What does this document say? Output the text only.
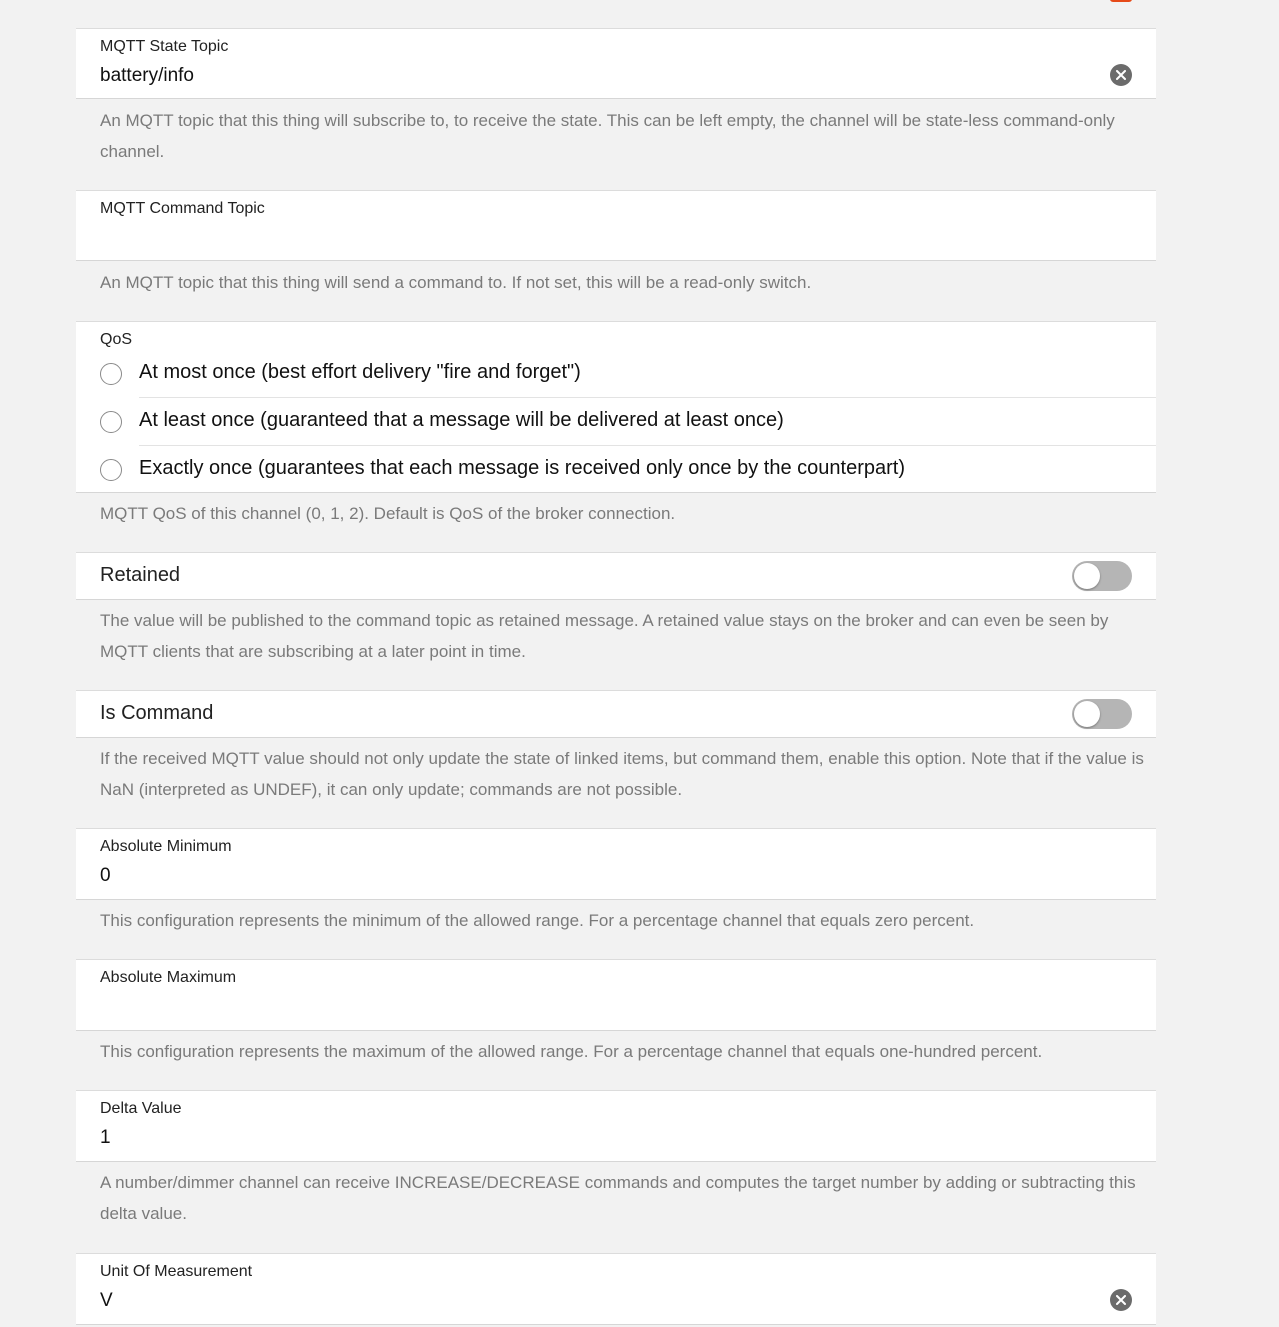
MQTT State Topic
battery/info
An MQTT topic that this thing will subscribe to, to receive the state. This can be left empty, the channel will be state-less command-only channel.
MQTT Command Topic
An MQTT topic that this thing will send a command to. If not set, this will be a read-only switch.
QoS
At most once (best effort delivery "fire and forget")
At least once (guaranteed that a message will be delivered at least once)
Exactly once (guarantees that each message is received only once by the counterpart)
MQTT QoS of this channel (0, 1, 2). Default is QoS of the broker connection.
Retained
The value will be published to the command topic as retained message. A retained value stays on the broker and can even be seen by MQTT clients that are subscribing at a later point in time.
Is Command
If the received MQTT value should not only update the state of linked items, but command them, enable this option. Note that if the value is NaN (interpreted as UNDEF), it can only update; commands are not possible.
Absolute Minimum
0
This configuration represents the minimum of the allowed range. For a percentage channel that equals zero percent.
Absolute Maximum
This configuration represents the maximum of the allowed range. For a percentage channel that equals one-hundred percent.
Delta Value
1
A number/dimmer channel can receive INCREASE/DECREASE commands and computes the target number by adding or subtracting this delta value.
Unit Of Measurement
V
